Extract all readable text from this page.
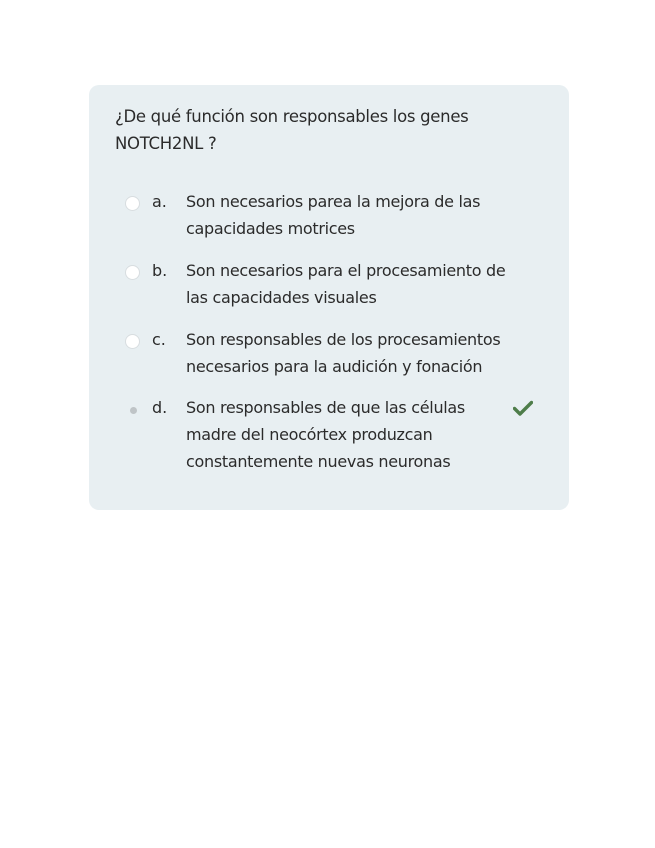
¿De qué función son responsables los genes NOTCH2NL ?
a. Son necesarios parea la mejora de las capacidades motrices
b. Son necesarios para el procesamiento de las capacidades visuales
c. Son responsables de los procesamientos necesarios para la audición y fonación
d. Son responsables de que las células madre del neocórtex produzcan constantemente nuevas neuronas
